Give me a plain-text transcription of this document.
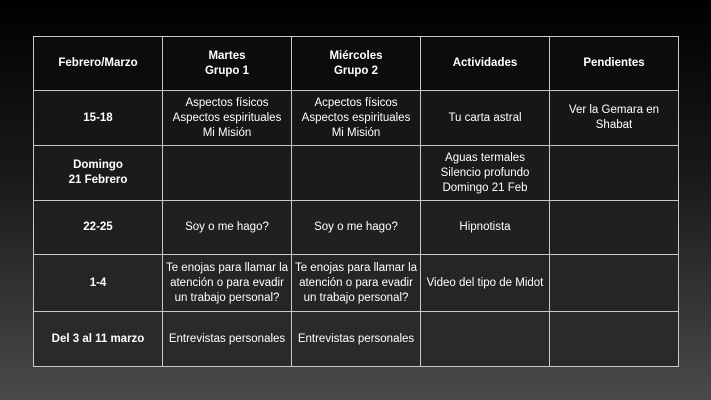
Febrero/Marzo	Martes
Grupo 1	Miércoles
Grupo 2	Actividades	Pendientes
15-18	Aspectos físicos
Aspectos espirituales
Mi Misión	Acpectos físicos
Aspectos espirituales
Mi Misión	Tu carta astral	Ver la Gemara en
Shabat
Domingo
21 Febrero			Aguas termales
Silencio profundo
Domingo 21 Feb	
22-25	Soy o me hago?	Soy o me hago?	Hipnotista	
1-4	Te enojas para llamar la
atención o para evadir
un trabajo personal?	Te enojas para llamar la
atención o para evadir
un trabajo personal?	Video del tipo de Midot	
Del 3 al 11 marzo	Entrevistas personales	Entrevistas personales		
